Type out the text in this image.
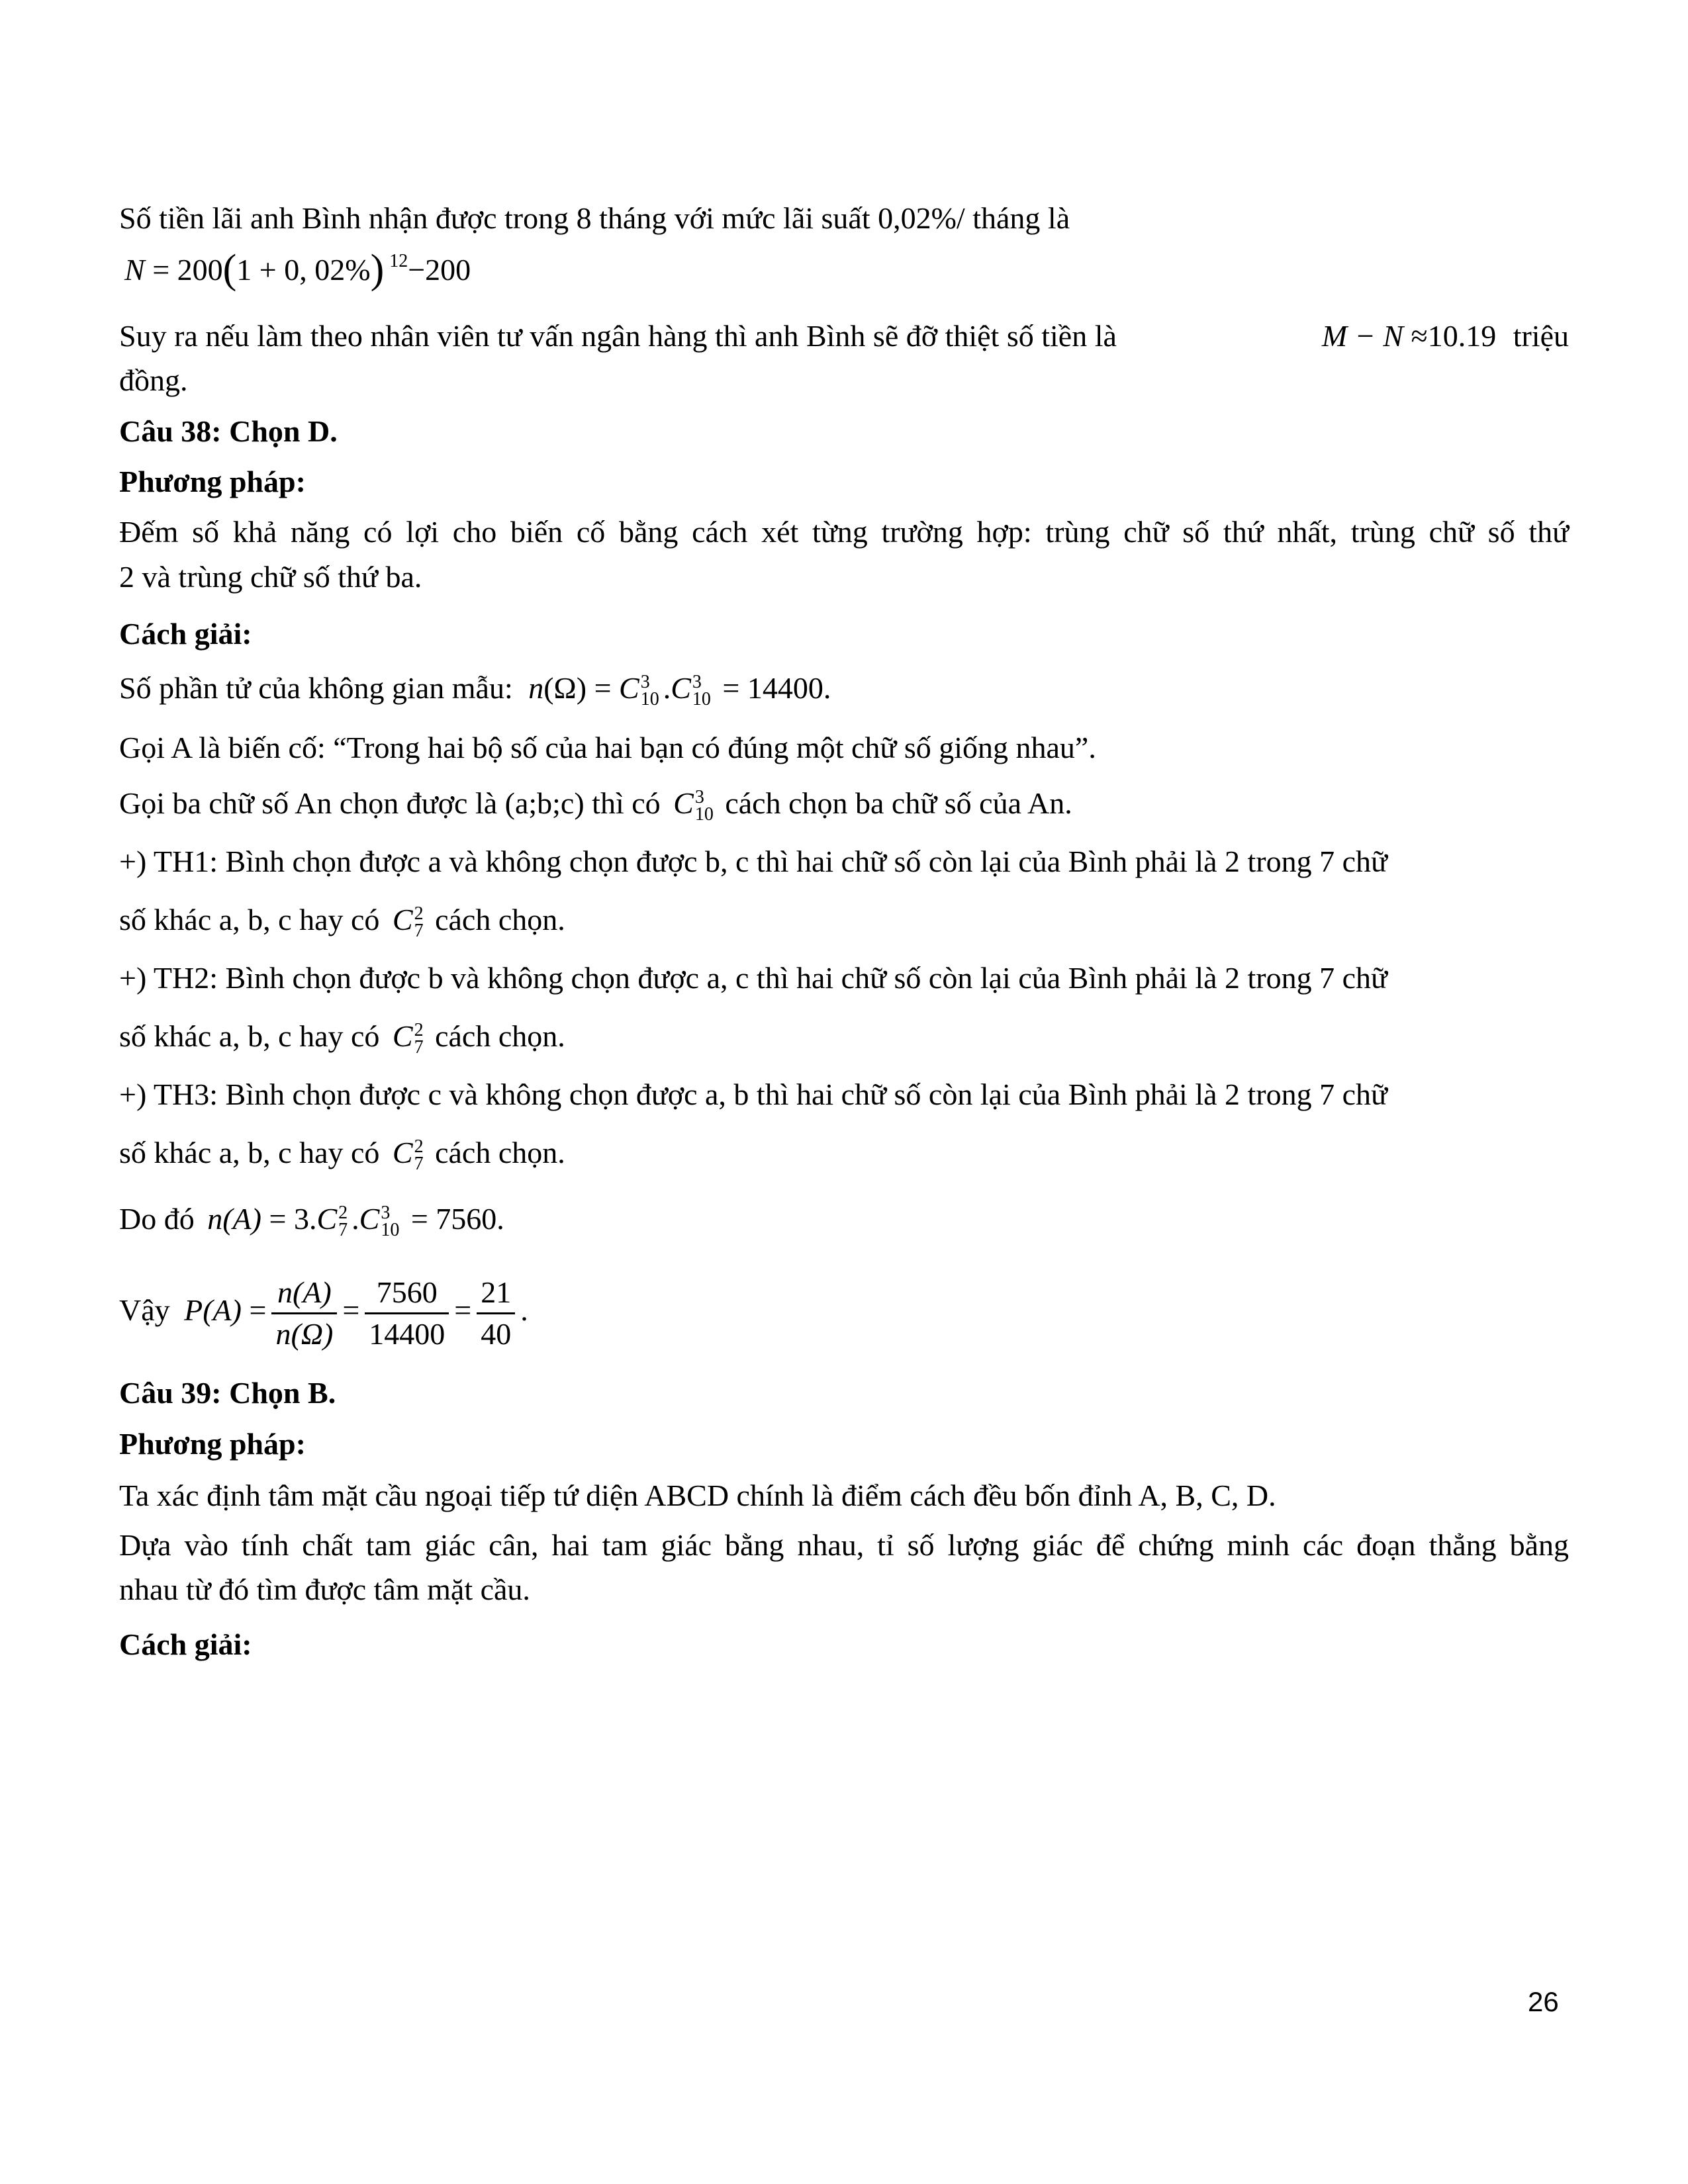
Số tiền lãi anh Bình nhận được trong 8 tháng với mức lãi suất 0,02%/ tháng là
N = 200(1 + 0, 02%) $^{12}$−200
Suy ra nếu làm theo nhân viên tư vấn ngân hàng thì anh Bình sẽ đỡ thiệt số tiền là	M − N ≈10.19 triệu
đồng.
Câu 38: Chọn D.
Phương pháp:
Đếm số khả năng có lợi cho biến cố bằng cách xét từng trường hợp: trùng chữ số thứ nhất, trùng chữ số thứ
2 và trùng chữ số thứ ba.
Cách giải:
Số phần tử của không gian mẫu: n(Ω) = C 3
10 .C 3
10 = 14400.
Gọi A là biến cố: “Trong hai bộ số của hai bạn có đúng một chữ số giống nhau”.
Gọi ba chữ số An chọn được là (a;b;c) thì có C 3
10 cách chọn ba chữ số của An.
+) TH1: Bình chọn được a và không chọn được b, c thì hai chữ số còn lại của Bình phải là 2 trong 7 chữ
số khác a, b, c hay có C 2
7 cách chọn.
+) TH2: Bình chọn được b và không chọn được a, c thì hai chữ số còn lại của Bình phải là 2 trong 7 chữ
số khác a, b, c hay có C 2
7 cách chọn.
+) TH3: Bình chọn được c và không chọn được a, b thì hai chữ số còn lại của Bình phải là 2 trong 7 chữ
số khác a, b, c hay có C 2
7 cách chọn.
Do đó n(A) = 3.C 2
7 .C 3
10 = 7560.
Vậy $P(A) = \frac{n(A)}{n(\Omega)} = \frac{7560}{14400} = \frac{21}{40}$ .
Câu 39: Chọn B.
Phương pháp:
Ta xác định tâm mặt cầu ngoại tiếp tứ diện ABCD chính là điểm cách đều bốn đỉnh A, B, C, D.
Dựa vào tính chất tam giác cân, hai tam giác bằng nhau, tỉ số lượng giác để chứng minh các đoạn thẳng bằng
nhau từ đó tìm được tâm mặt cầu.
Cách giải:
26
